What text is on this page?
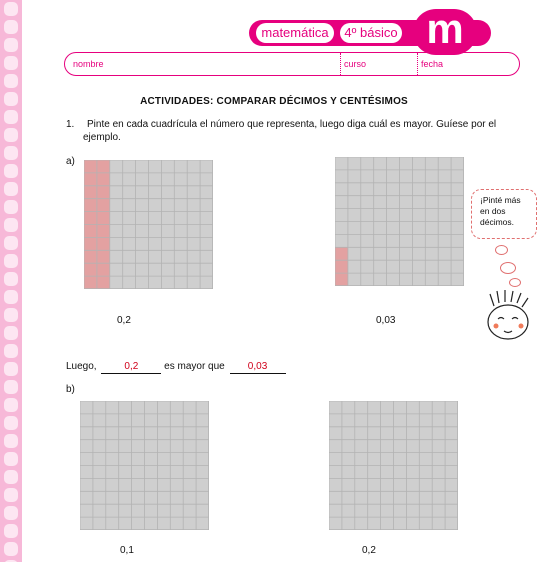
matemática	4º básico m
nombre	curso	fecha
ACTIVIDADES: COMPARAR DÉCIMOS Y CENTÉSIMOS
1.	Pinte en cada cuadrícula el número que representa, luego diga cuál es mayor. Guíese por el ejemplo.
a)
0,2	0,03
Luego,	0,2	es mayor que 0,03
b)
0,1	0,2
¡Pinté más
en dos
décimos.
